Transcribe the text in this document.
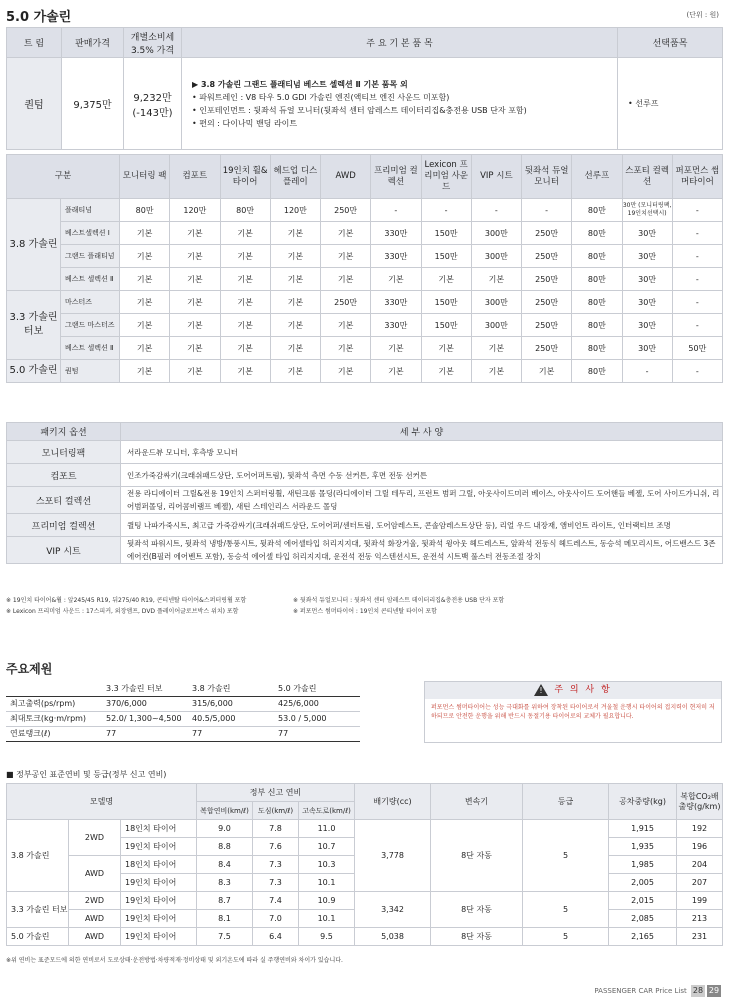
5.0 가솔린	(단위 : 원)
트 림	판매가격	개별소비세 3.5% 가격	주 요 기 본 품 목	선택품목
퀀텀	9,375만	9,232만 (-143만)	▶ 3.8 가솔린 그랜드 플래티넘 베스트 셀렉션 Ⅱ 기본 품목 외
• 파워트레인 : V8 타우 5.0 GDI 가솔린 엔진(액티브 엔진 사운드 미포함)
• 인포테인먼트 : 뒷좌석 듀얼 모니터(뒷좌석 센터 암레스트 데이터리집&충전용 USB 단자 포함)
• 편의 : 다이나믹 밴딩 라이트	• 선루프
구분		모니터링 팩	컴포트	19인치 휠&타이어	헤드업 디스플레이	AWD	프리미엄 컬렉션	Lexicon 프리미엄 사운드	VIP 시트	뒷좌석 듀얼모니터	선루프	스포티 컬렉션	퍼포먼스 썸머타이어
3.8 가솔린	플래티넘	80만	120만	80만	120만	250만	-	-	-	-	80만	30만 (모니터링팩, 19인치선택시)	-
	베스트셀렉션 Ⅰ	기본	기본	기본	기본	기본	330만	150만	300만	250만	80만	30만	-
	그랜드 플래티넘	기본	기본	기본	기본	기본	330만	150만	300만	250만	80만	30만	-
	베스트 셀렉션 Ⅱ	기본	기본	기본	기본	기본	기본	기본	기본	250만	80만	30만	-
3.3 가솔린터보	마스터즈	기본	기본	기본	기본	250만	330만	150만	300만	250만	80만	30만	-
	그랜드 마스터즈	기본	기본	기본	기본	기본	330만	150만	300만	250만	80만	30만	-
	베스트 셀렉션 Ⅱ	기본	기본	기본	기본	기본	기본	기본	기본	250만	80만	30만	50만
5.0 가솔린	퀀텀	기본	기본	기본	기본	기본	기본	기본	기본	기본	80만	-	-
패키지 옵션	세 부 사 양
모니터링팩	서라운드뷰 모니터, 후측방 모니터
컴포트	인조가죽감싸기(크래쉬패드상단, 도어어퍼트림), 뒷좌석 측면 수동 선커튼, 후면 전동 선커튼
스포티 컬렉션	전용 라디에이터 그릴&전용 19인치 스퍼터링휠, 새틴크롬 몰딩(라디에이터 그릴 테두리, 프런트 범퍼 그릴, 아웃사이드미러 베이스, 아웃사이드 도어핸들 베젤, 도어 사이드가니쉬, 리어범퍼몰딩, 리어콤비램프 베젤), 새틴 스테인리스 서라운드 몰딩
프리미엄 컬렉션	퀼팅 나파가죽시트, 최고급 가죽감싸기(크래쉬패드상단, 도어어퍼/센터트림, 도어암레스트, 콘솔암레스트상단 등), 리얼 우드 내장재, 앰비언트 라이트, 인터랙티브 조명
VIP 시트	뒷좌석 파워시트, 뒷좌석 냉방/통풍시트, 뒷좌석 에어셀타입 허리지지대, 뒷좌석 화장거울, 뒷좌석 윙아웃 헤드레스트, 앞좌석 전동식 헤드레스트, 동승석 메모리시트, 어드밴스드 3존 에어컨(B필러 에어벤트 포함), 동승석 에어셀 타입 허리지지대, 운전석 전동 익스텐션시트, 운전석 시트백 풀스터 전동조절 장치
※ 19인치 타이어&휠 : 앞245/45 R19, 뒤275/40 R19, 콘티넨탈 타이어&스퍼터링휠 포함
※ Lexicon 프리미엄 사운드 : 17스피커, 외장앰프, DVD 플레이어글로브박스 위치) 포함
※ 뒷좌석 듀얼모니터 : 뒷좌석 센터 암레스트 데이터리집&충전용 USB 단자 포함
※ 퍼포먼스 썸머타이어 : 19인치 콘티넨탈 타이어 포함
주요제원
	3.3 가솔린 터보	3.8 가솔린	5.0 가솔린
최고출력(ps/rpm)	370/6,000	315/6,000	425/6,000
최대토크(kg·m/rpm)	52.0/ 1,300~4,500	40.5/5,000	53.0 / 5,000
연료탱크(ℓ)	77	77	77
! 주 의 사 항
퍼포먼스 썸머타이어는 성능 극대화를 위하여 장착된 타이어로서 겨울철 운행시 타이어의 접지력이 현저히 저하되므로 안전한 운행을 위해 반드시 동절기용 타이어로의 교체가 필요합니다.
■ 정부공인 표준연비 및 등급(정부 신고 연비)
모델명			정부 신고 연비			배기량(cc)	변속기	등급	공차중량(kg)	복합CO₂배출량(g/km)
			복합연비(km/ℓ)	도심(km/ℓ)	고속도로(km/ℓ)					
3.8 가솔린	2WD	18인치 타이어	9.0	7.8	11.0	3,778	8단 자동	5	1,915	192
		19인치 타이어	8.8	7.6	10.7				1,935	196
	AWD	18인치 타이어	8.4	7.3	10.3				1,985	204
		19인치 타이어	8.3	7.3	10.1				2,005	207
3.3 가솔린 터보	2WD	19인치 타이어	8.7	7.4	10.9	3,342	8단 자동	5	2,015	199
	AWD	19인치 타이어	8.1	7.0	10.1				2,085	213
5.0 가솔린	AWD	19인치 타이어	7.5	6.4	9.5	5,038	8단 자동	5	2,165	231
※위 연비는 표준모드에 의한 연비로서 도로상태·운전방법·차량적재·정비상태 및 외기온도에 따라 실 주행연비와 차이가 있습니다.
PASSENGER CAR Price List 28 29
